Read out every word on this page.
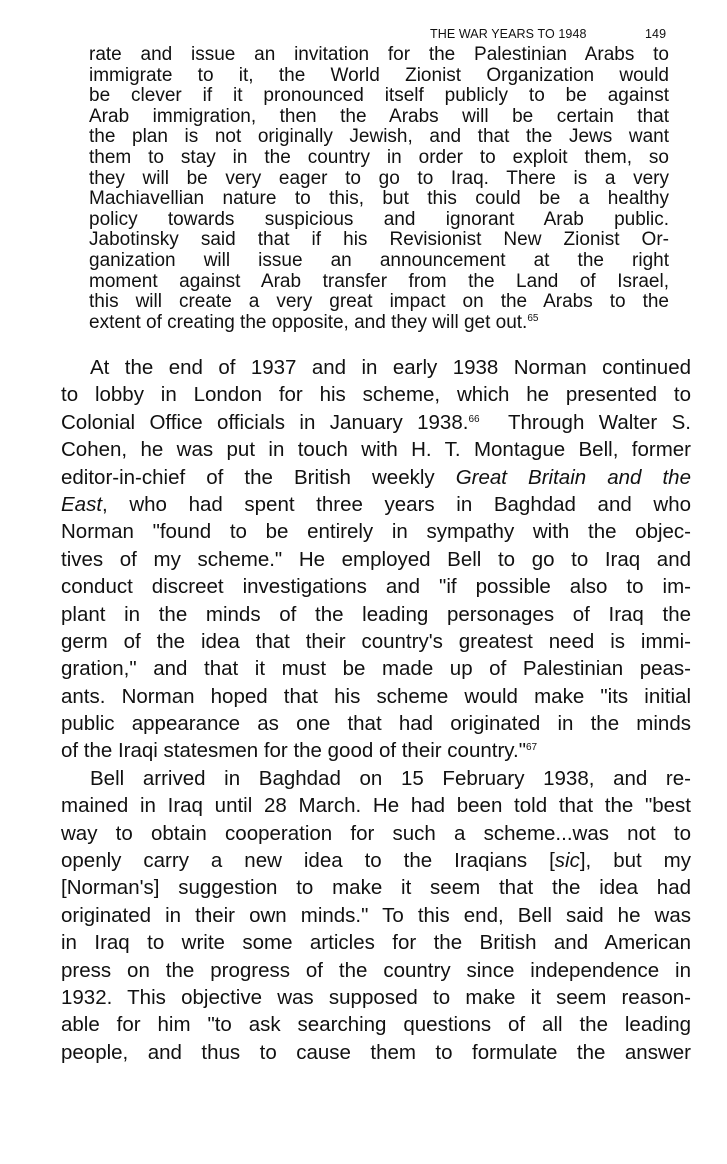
THE WAR YEARS TO 1948	149
rate and issue an invitation for the Palestinian Arabs to
immigrate to it, the World Zionist Organization would
be clever if it pronounced itself publicly to be against
Arab immigration, then the Arabs will be certain that
the plan is not originally Jewish, and that the Jews want
them to stay in the country in order to exploit them, so
they will be very eager to go to Iraq. There is a very
Machiavellian nature to this, but this could be a healthy
policy towards suspicious and ignorant Arab public.
Jabotinsky said that if his Revisionist New Zionist Or-
ganization will issue an announcement at the right
moment against Arab transfer from the Land of Israel,
this will create a very great impact on the Arabs to the
extent of creating the opposite, and they will get out.$^{65}$
At the end of 1937 and in early 1938 Norman continued
to lobby in London for his scheme, which he presented to
Colonial Office officials in January 1938.66  Through Walter S.
Cohen, he was put in touch with H. T. Montague Bell, former
editor-in-chief of the British weekly Great Britain and the
East, who had spent three years in Baghdad and who
Norman "found to be entirely in sympathy with the objec-
tives of my scheme." He employed Bell to go to Iraq and
conduct discreet investigations and "if possible also to im-
plant in the minds of the leading personages of Iraq the
germ of the idea that their country's greatest need is immi-
gration," and that it must be made up of Palestinian peas-
ants. Norman hoped that his scheme would make "its initial
public appearance as one that had originated in the minds
of the Iraqi statesmen for the good of their country."$^{67}$
Bell arrived in Baghdad on 15 February 1938, and re-
mained in Iraq until 28 March. He had been told that the "best
way to obtain cooperation for such a scheme...was not to
openly carry a new idea to the Iraqians [sic], but my
[Norman's] suggestion to make it seem that the idea had
originated in their own minds." To this end, Bell said he was
in Iraq to write some articles for the British and American
press on the progress of the country since independence in
1932. This objective was supposed to make it seem reason-
able for him "to ask searching questions of all the leading
people, and thus to cause them to formulate the answer
